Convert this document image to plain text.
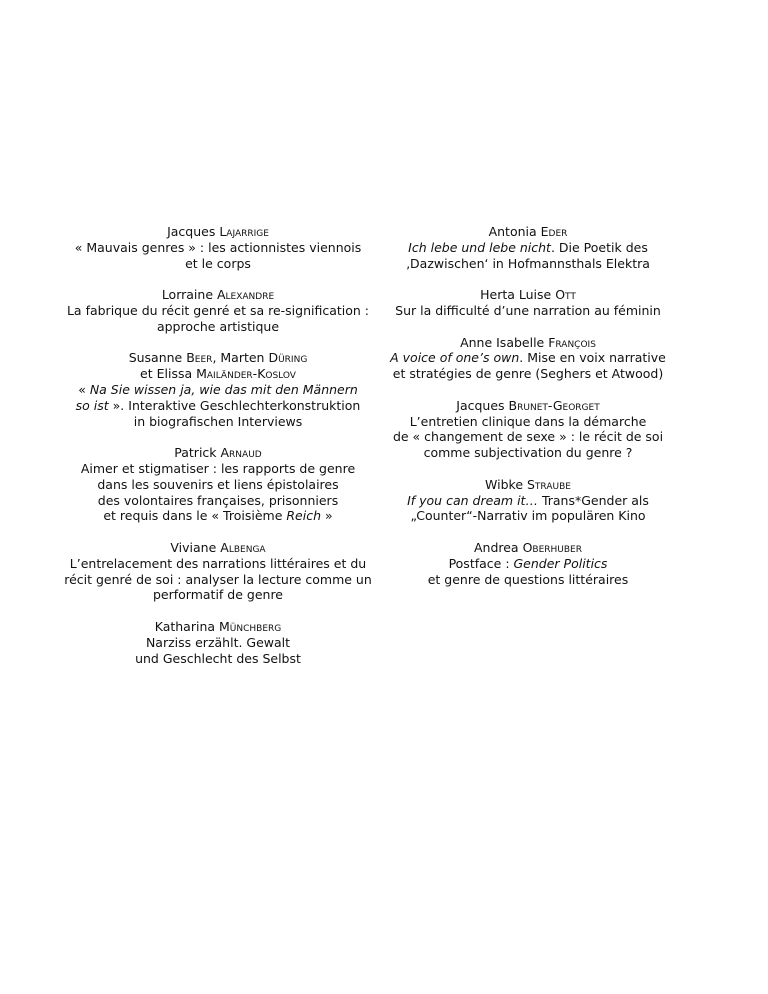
Jacques Lajarrige
« Mauvais genres » : les actionnistes viennois
et le corps
Lorraine Alexandre
La fabrique du récit genré et sa re-signification :
approche artistique
Susanne Beer, Marten Düring
et Elissa Mailänder-Koslov
« Na Sie wissen ja, wie das mit den Männern
so ist ». Interaktive Geschlechterkonstruktion
in biografischen Interviews
Patrick Arnaud
Aimer et stigmatiser : les rapports de genre
dans les souvenirs et liens épistolaires
des volontaires françaises, prisonniers
et requis dans le « Troisième Reich »
Viviane Albenga
L’entrelacement des narrations littéraires et du
récit genré de soi : analyser la lecture comme un
performatif de genre
Katharina Münchberg
Narziss erzählt. Gewalt
und Geschlecht des Selbst
Antonia Eder
Ich lebe und lebe nicht. Die Poetik des
‚Dazwischen‘ in Hofmannsthals Elektra
Herta Luise Ott
Sur la difficulté d’une narration au féminin
Anne Isabelle François
A voice of one’s own. Mise en voix narrative
et stratégies de genre (Seghers et Atwood)
Jacques Brunet-Georget
L’entretien clinique dans la démarche
de « changement de sexe » : le récit de soi
comme subjectivation du genre ?
Wibke Straube
If you can dream it… Trans*Gender als
„Counter“-Narrativ im populären Kino
Andrea Oberhuber
Postface : Gender Politics
et genre de questions littéraires
